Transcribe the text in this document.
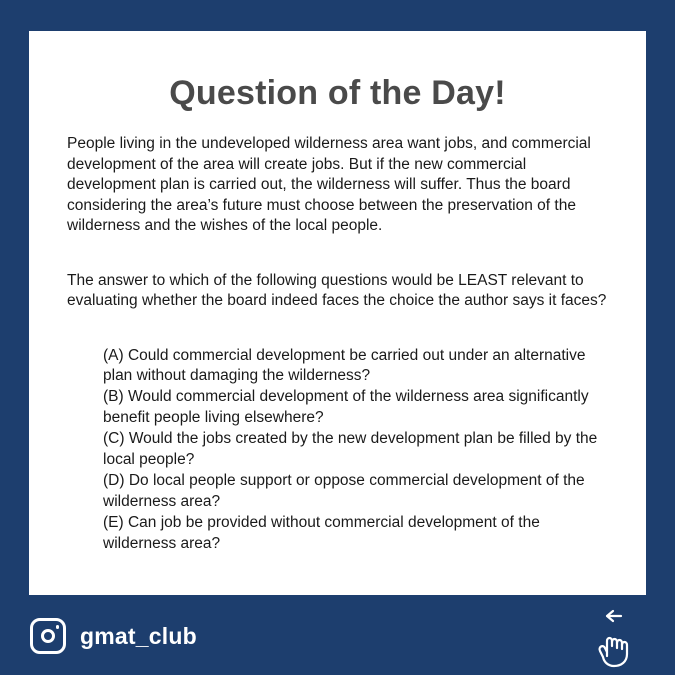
Question of the Day!
People living in the undeveloped wilderness area want jobs, and commercial development of the area will create jobs. But if the new commercial development plan is carried out, the wilderness will suffer. Thus the board considering the area’s future must choose between the preservation of the wilderness and the wishes of the local people.
The answer to which of the following questions would be LEAST relevant to evaluating whether the board indeed faces the choice the author says it faces?
(A) Could commercial development be carried out under an alternative plan without damaging the wilderness?
(B) Would commercial development of the wilderness area significantly benefit people living elsewhere?
(C) Would the jobs created by the new development plan be filled by the local people?
(D) Do local people support or oppose commercial development of the wilderness area?
(E) Can job be provided without commercial development of the wilderness area?
gmat_club
